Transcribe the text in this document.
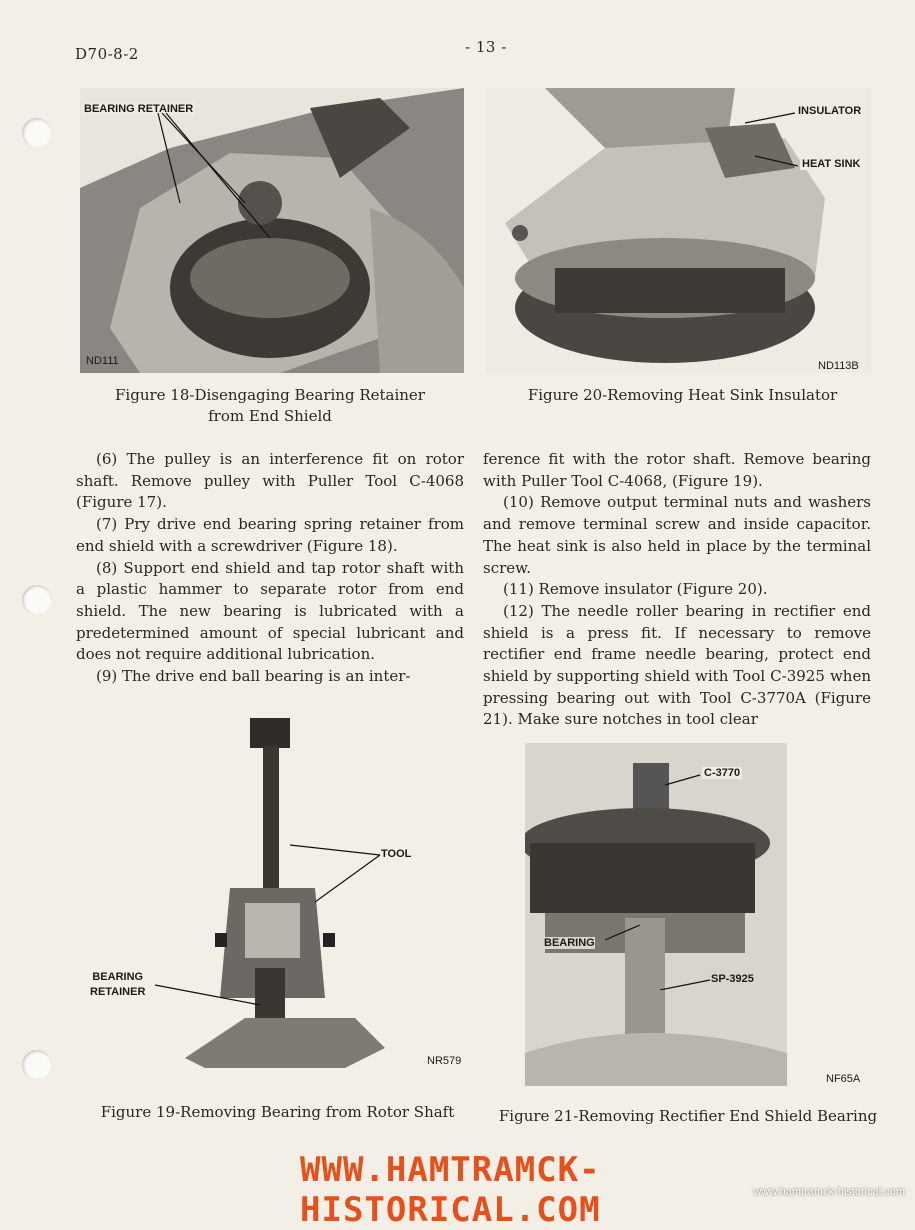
D70-8-2	- 13 -
BEARING RETAINER
ND111
Figure 18-Disengaging Bearing Retainer
from End Shield
INSULATOR
HEAT SINK
ND113B
Figure 20-Removing Heat Sink Insulator

(6) The pulley is an interference fit on rotor shaft. Remove pulley with Puller Tool C-4068 (Figure 17).

(7) Pry drive end bearing spring retainer from end shield with a screwdriver (Figure 18).

(8) Support end shield and tap rotor shaft with a plastic hammer to separate rotor from end shield. The new bearing is lubricated with a predetermined amount of special lubricant and does not require additional lubrication.

(9) The drive end ball bearing is an inter-

ference fit with the rotor shaft. Remove bearing with Puller Tool C-4068, (Figure 19).

(10) Remove output terminal nuts and washers and remove terminal screw and inside capacitor. The heat sink is also held in place by the terminal screw.

(11) Remove insulator (Figure 20).

(12) The needle roller bearing in rectifier end shield is a press fit. If necessary to remove rectifier end frame needle bearing, protect end shield by supporting shield with Tool C-3925 when pressing bearing out with Tool C-3770A (Figure 21). Make sure notches in tool clear

TOOL
BEARING
RETAINER
NR579
Figure 19-Removing Bearing from Rotor Shaft
C-3770
BEARING
SP-3925
NF65A
Figure 21-Removing Rectifier End Shield Bearing
WWW.HAMTRAMCK-HISTORICAL.COM	www.hamtramck-historical.com
